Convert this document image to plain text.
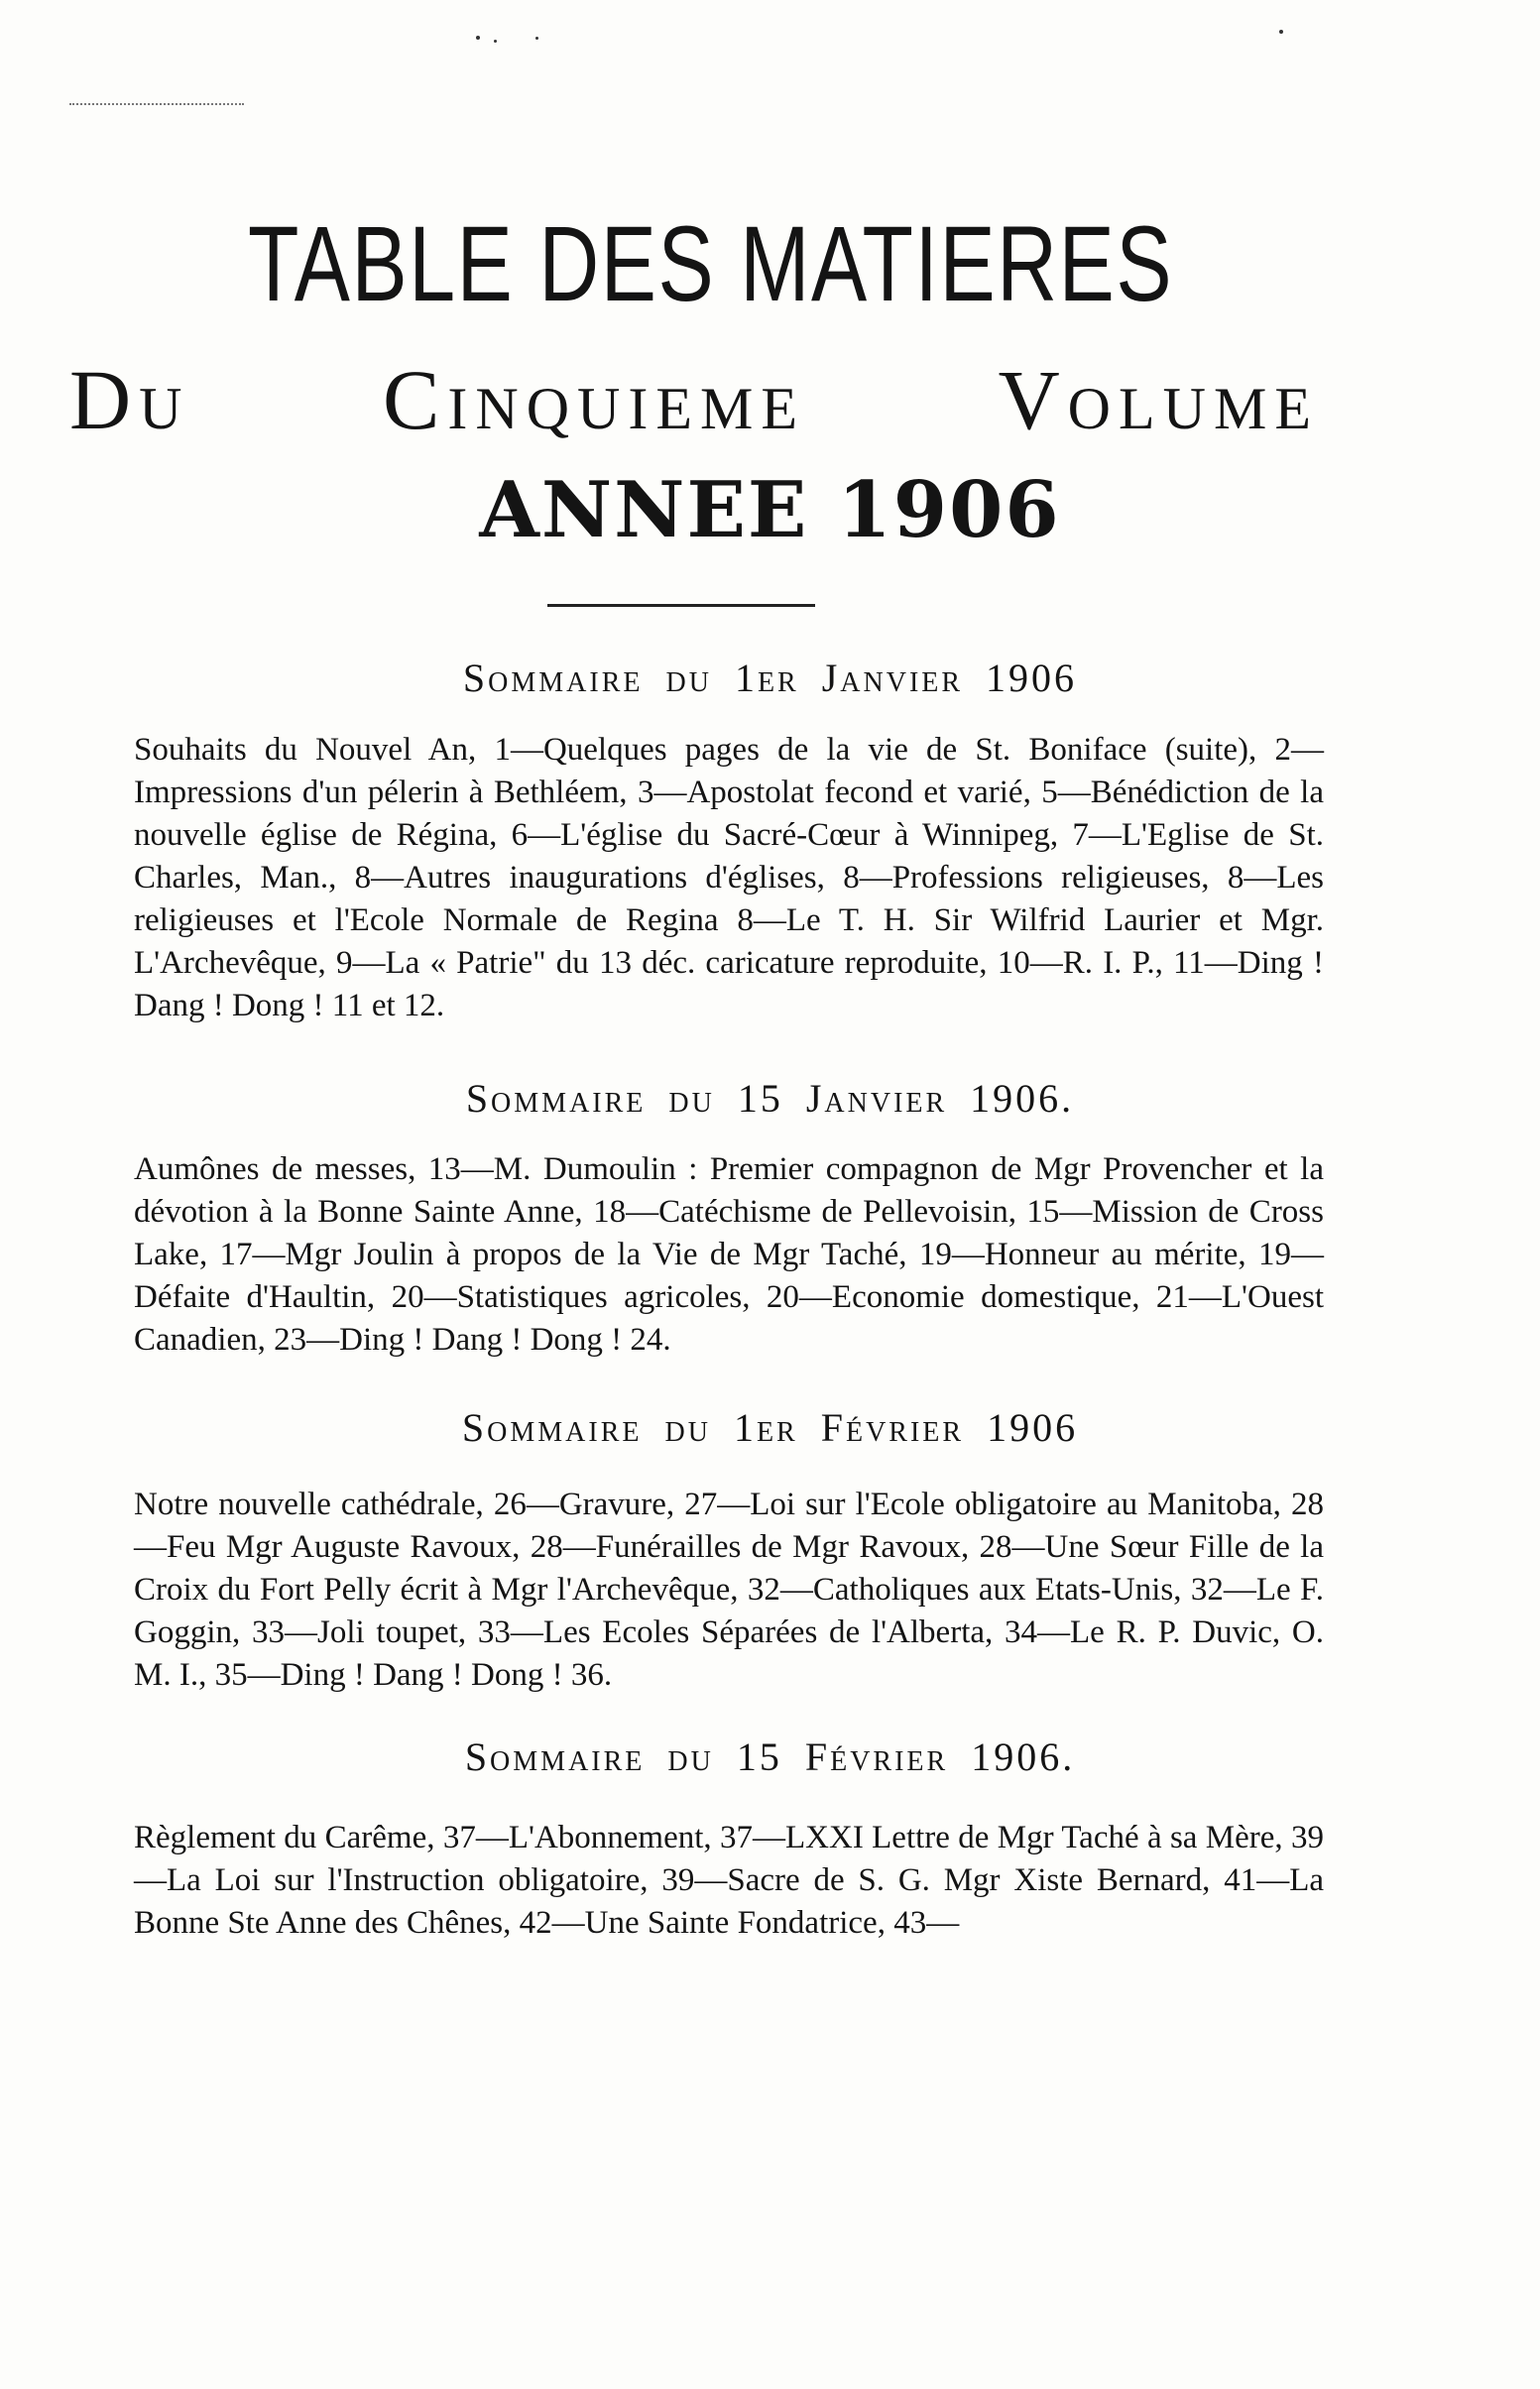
TABLE DES MATIERES
Du Cinquieme Volume
ANNEE 1906
Sommaire du 1er Janvier 1906

Souhaits du Nouvel An, 1—Quelques pages de la vie de St. Boniface (suite), 2—Impressions d'un pélerin à Bethléem, 3—Apostolat fecond et varié, 5—Bénédiction de la nouvelle église de Régina, 6—L'église du Sacré-Cœur à Winnipeg, 7—L'Eglise de St. Charles, Man., 8—Autres inaugurations d'églises, 8—Professions religieuses, 8—Les religieuses et l'Ecole Normale de Regina 8—Le T. H. Sir Wilfrid Laurier et Mgr. L'Archevêque, 9—La « Patrie" du 13 déc. caricature reproduite, 10—R. I. P., 11—Ding ! Dang ! Dong ! 11 et 12.

Sommaire du 15 Janvier 1906.

Aumônes de messes, 13—M. Dumoulin : Premier compagnon de Mgr Provencher et la dévotion à la Bonne Sainte Anne, 18—Catéchisme de Pellevoisin, 15—Mission de Cross Lake, 17—Mgr Joulin à propos de la Vie de Mgr Taché, 19—Honneur au mérite, 19—Défaite d'Haultin, 20—Statistiques agricoles, 20—Economie domestique, 21—L'Ouest Canadien, 23—Ding ! Dang ! Dong ! 24.

Sommaire du 1er Février 1906

Notre nouvelle cathédrale, 26—Gravure, 27—Loi sur l'Ecole obligatoire au Manitoba, 28—Feu Mgr Auguste Ravoux, 28—Funérailles de Mgr Ravoux, 28—Une Sœur Fille de la Croix du Fort Pelly écrit à Mgr l'Archevêque, 32—Catholiques aux Etats-Unis, 32—Le F. Goggin, 33—Joli toupet, 33—Les Ecoles Séparées de l'Alberta, 34—Le R. P. Duvic, O. M. I., 35—Ding ! Dang ! Dong ! 36.

Sommaire du 15 Février 1906.

Règlement du Carême, 37—L'Abonnement, 37—LXXI Lettre de Mgr Taché à sa Mère, 39—La Loi sur l'Instruction obligatoire, 39—Sacre de S. G. Mgr Xiste Bernard, 41—La Bonne Ste Anne des Chênes, 42—Une Sainte Fondatrice, 43—
